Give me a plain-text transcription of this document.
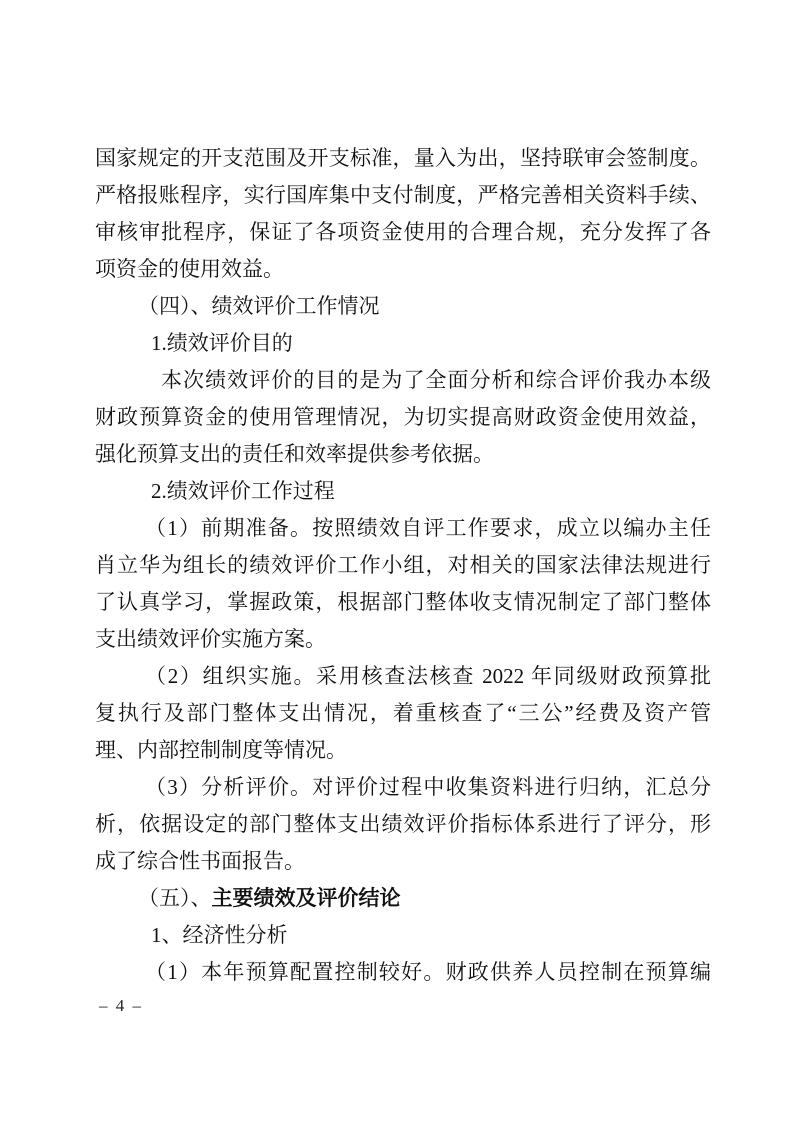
国家规定的开支范围及开支标准，量入为出，坚持联审会签制度。

严格报账程序，实行国库集中支付制度，严格完善相关资料手续、

审核审批程序，保证了各项资金使用的合理合规，充分发挥了各

项资金的使用效益。

（四）、绩效评价工作情况

1.绩效评价目的

本次绩效评价的目的是为了全面分析和综合评价我办本级

财政预算资金的使用管理情况，为切实提高财政资金使用效益，

强化预算支出的责任和效率提供参考依据。

2.绩效评价工作过程

（1）前期准备。按照绩效自评工作要求，成立以编办主任

肖立华为组长的绩效评价工作小组，对相关的国家法律法规进行

了认真学习，掌握政策，根据部门整体收支情况制定了部门整体

支出绩效评价实施方案。

（2）组织实施。采用核查法核查 2022 年同级财政预算批

复执行及部门整体支出情况，着重核查了“三公”经费及资产管

理、内部控制制度等情况。

（3）分析评价。对评价过程中收集资料进行归纳，汇总分

析，依据设定的部门整体支出绩效评价指标体系进行了评分，形

成了综合性书面报告。

（五）、主要绩效及评价结论

1、经济性分析

（1）本年预算配置控制较好。财政供养人员控制在预算编

– 4 –
